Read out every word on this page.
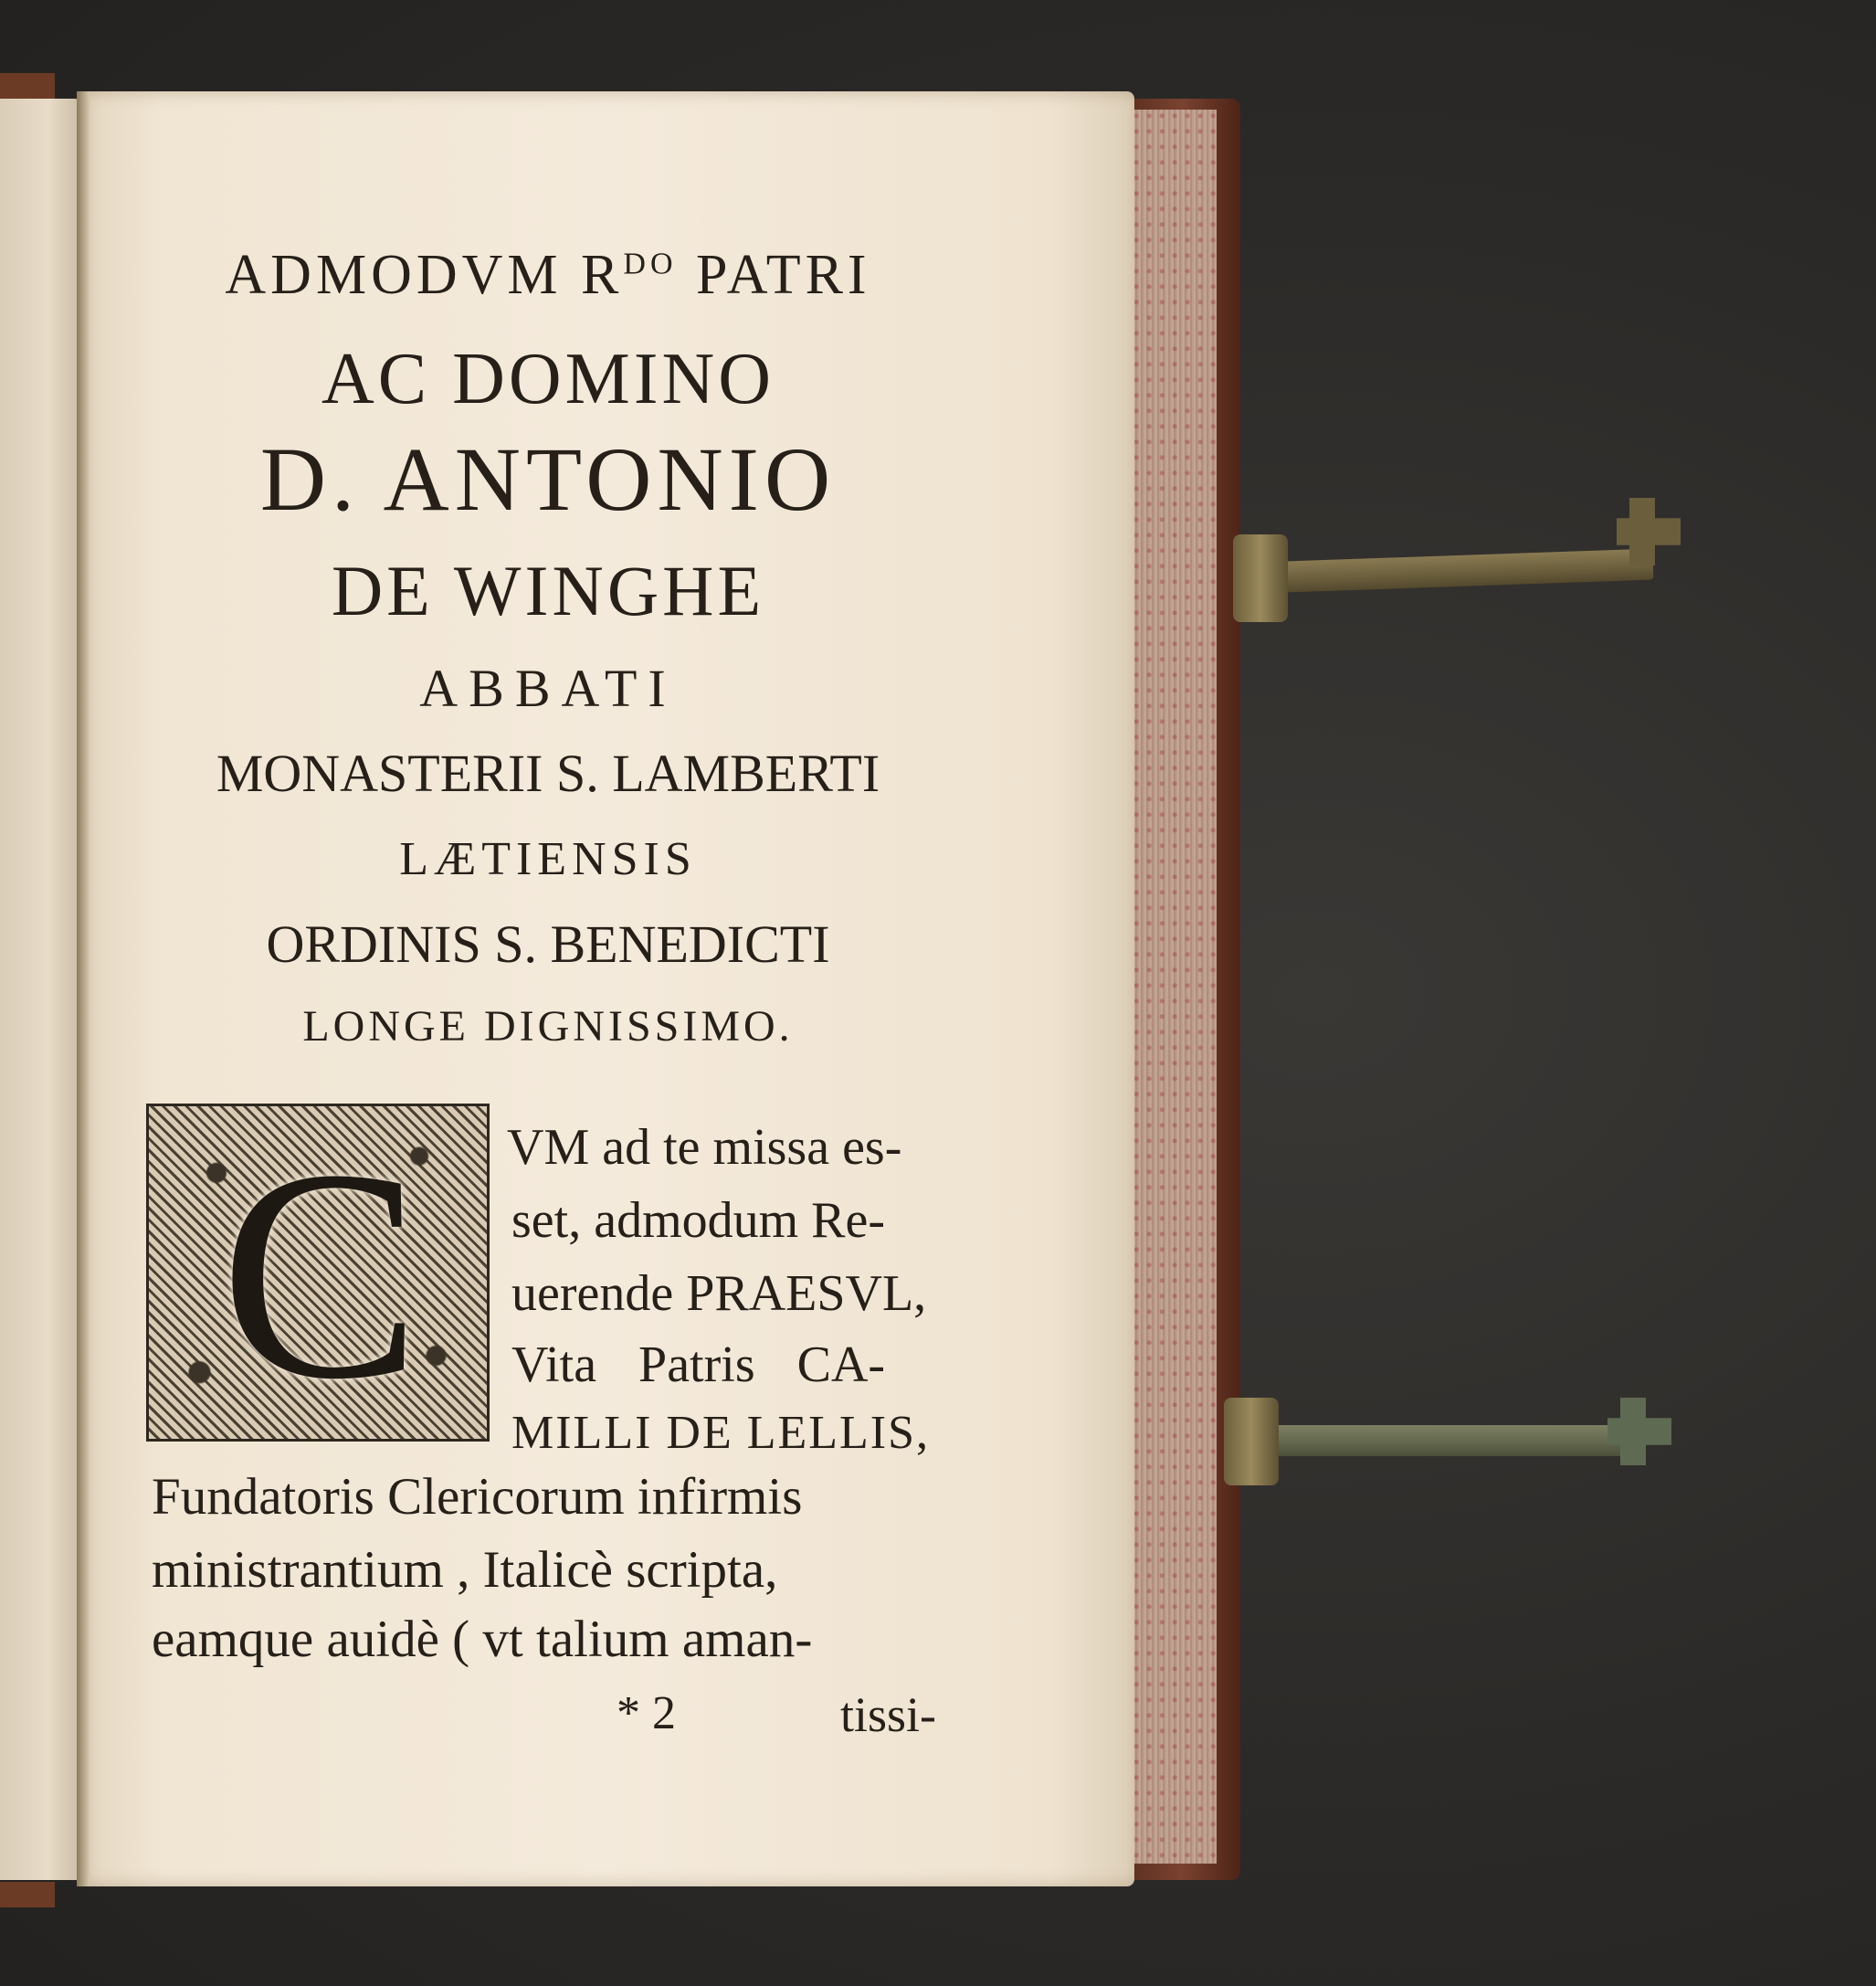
ADMODVM $R^{DO}$ PATRI
AC DOMINO
D. ANTONIO
DE WINGHE
ABBATI
MONASTERII S. LAMBERTI
LÆTIENSIS
ORDINIS S. BENEDICTI
LONGE DIGNISSIMO.
C	VM ad te missa es-
set, admodum Re-
uerende PRAESVL,
Vita Patris CA-
MILLI DE LELLIS,
Fundatoris Clericorum infirmis
ministrantium , Italicè scripta,
eamque auidè ( vt talium aman-
* 2	tissi-
